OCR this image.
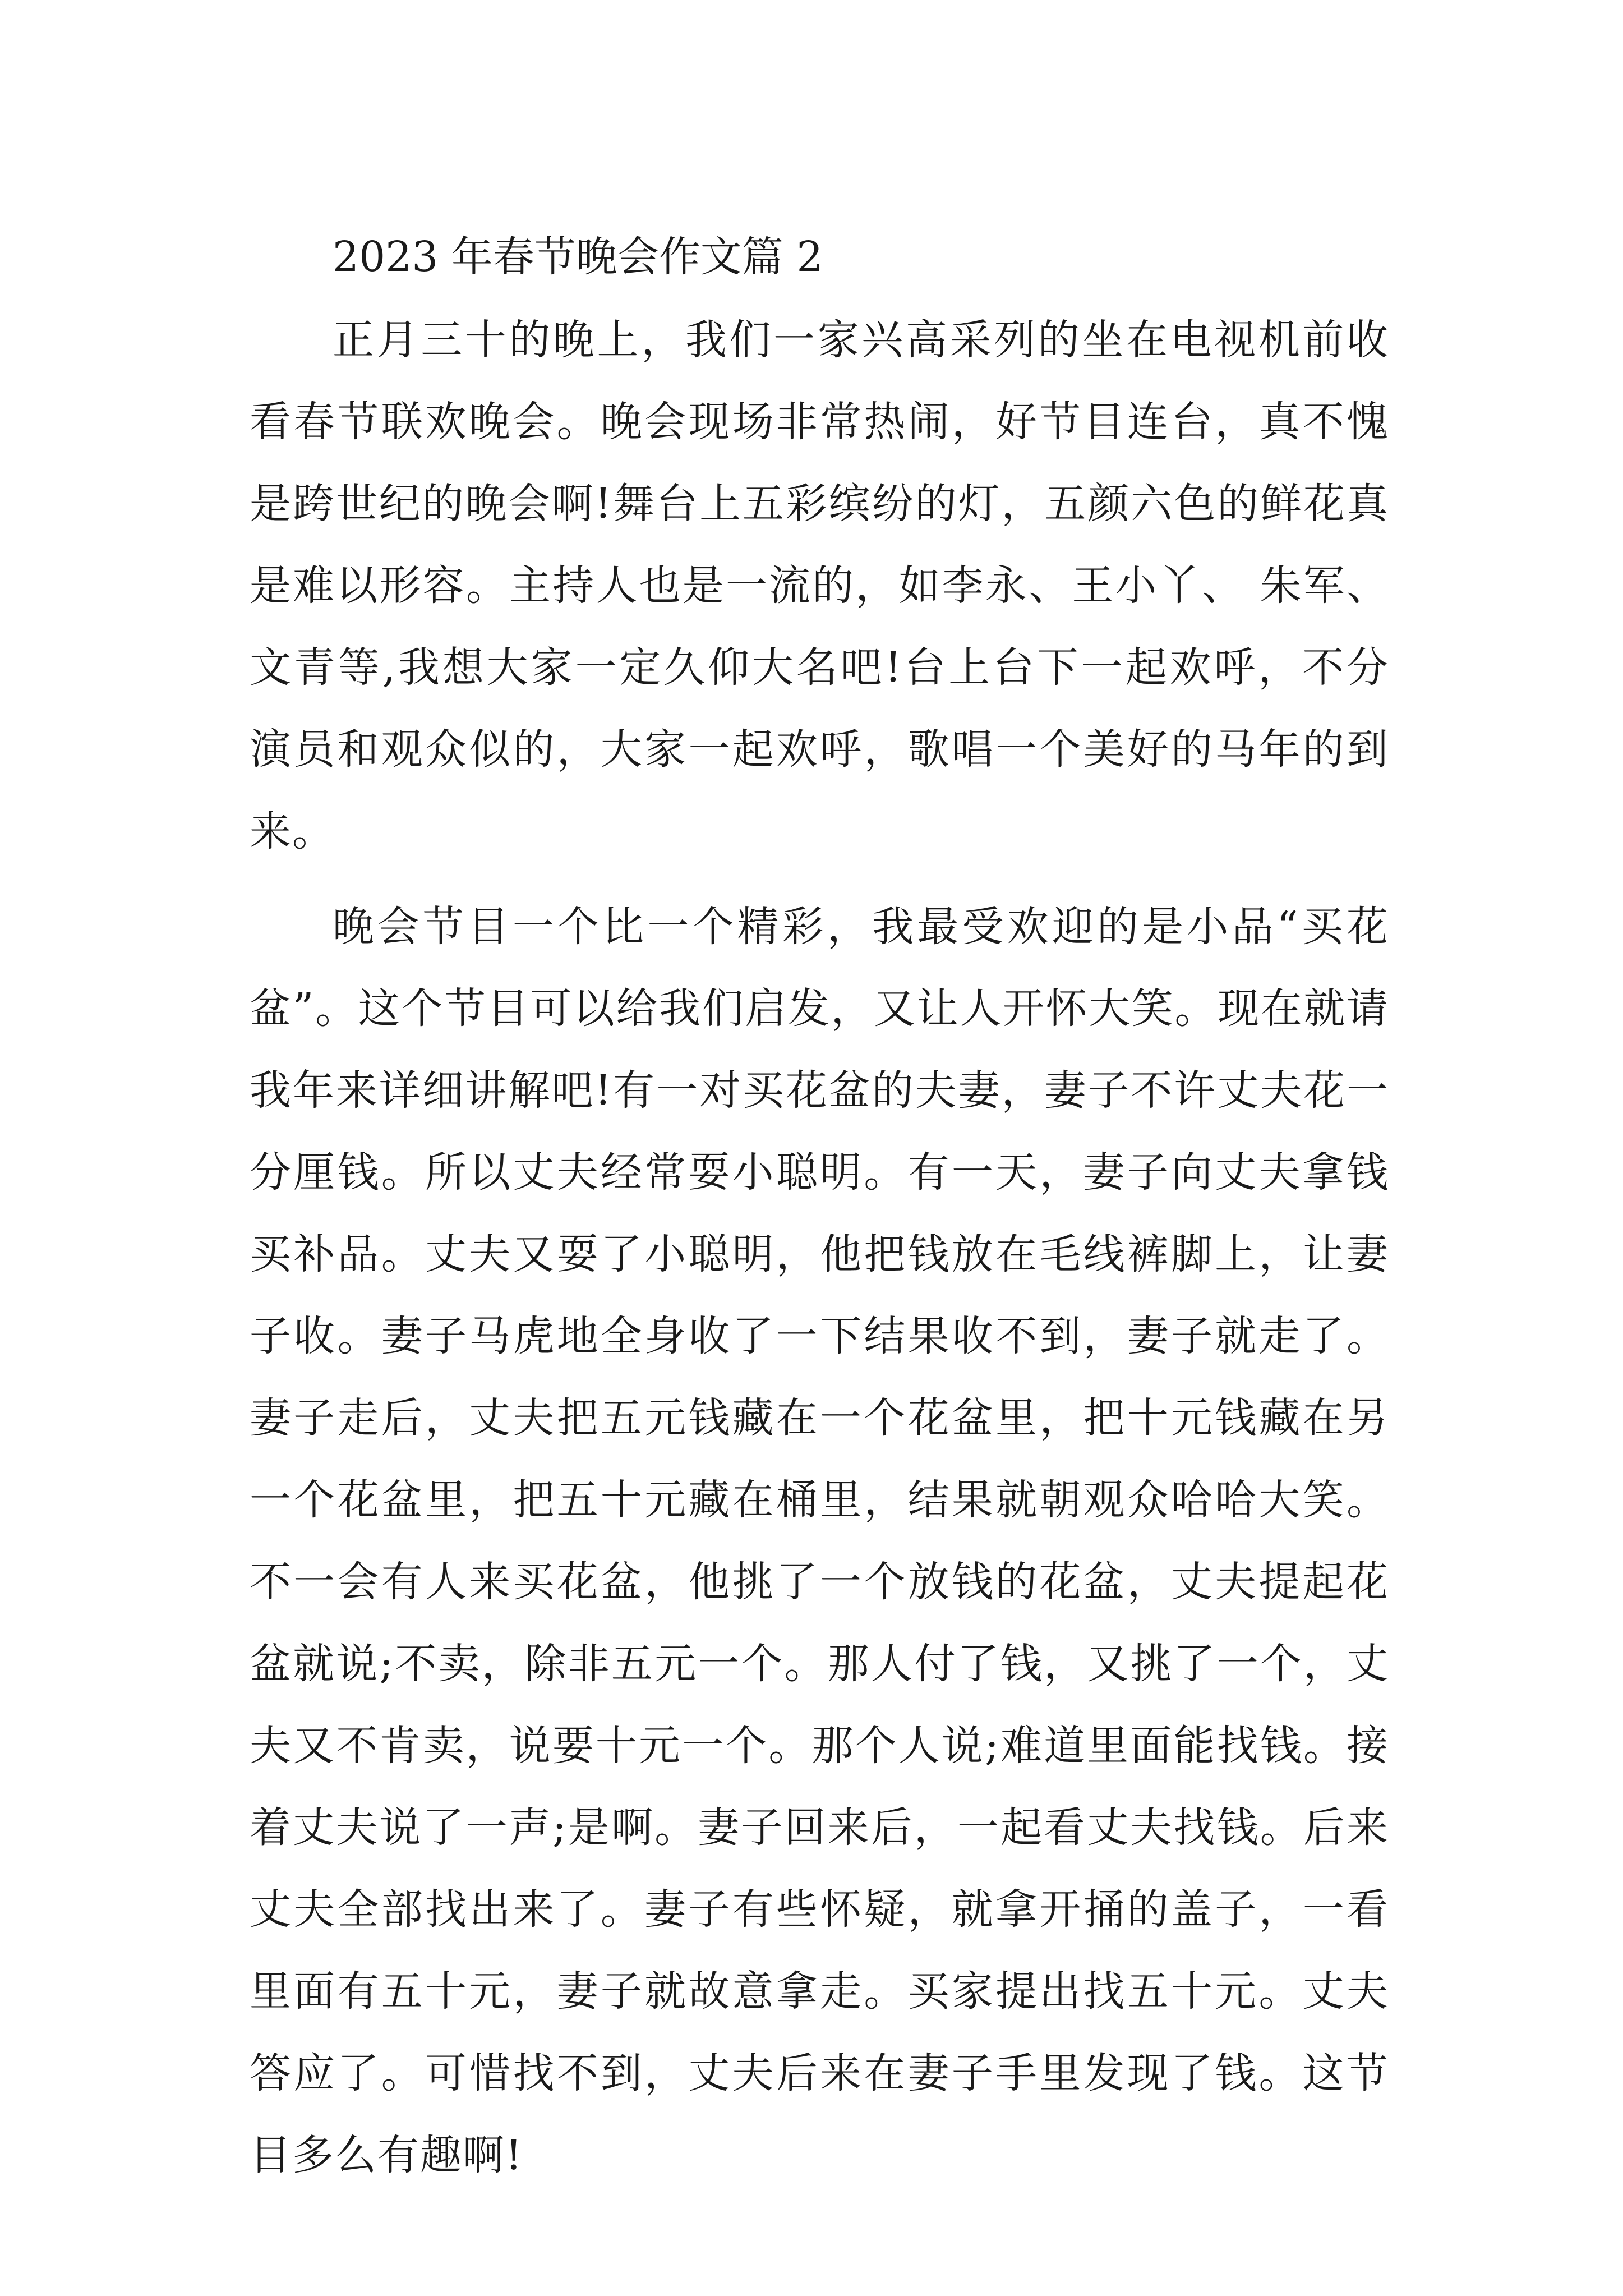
2023 年春节晚会作文篇 2

正月三十的晚上，我们一家兴高采列的坐在电视机前收看春节联欢晚会。晚会现场非常热闹，好节目连台，真不愧是跨世纪的晚会啊!舞台上五彩缤纷的灯，五颜六色的鲜花真是难以形容。主持人也是一流的，如李永、王小丫、 朱军、 文青等,我想大家一定久仰大名吧!台上台下一起欢呼，不分演员和观众似的，大家一起欢呼，歌唱一个美好的马年的到来。

晚会节目一个比一个精彩，我最受欢迎的是小品“买花盆”。这个节目可以给我们启发，又让人开怀大笑。现在就请我年来详细讲解吧!有一对买花盆的夫妻，妻子不许丈夫花一分厘钱。所以丈夫经常耍小聪明。有一天，妻子向丈夫拿钱买补品。丈夫又耍了小聪明，他把钱放在毛线裤脚上，让妻子收。妻子马虎地全身收了一下结果收不到，妻子就走了。妻子走后，丈夫把五元钱藏在一个花盆里，把十元钱藏在另一个花盆里，把五十元藏在桶里，结果就朝观众哈哈大笑。不一会有人来买花盆，他挑了一个放钱的花盆，丈夫提起花盆就说;不卖，除非五元一个。那人付了钱，又挑了一个，丈夫又不肯卖，说要十元一个。那个人说;难道里面能找钱。接着丈夫说了一声;是啊。妻子回来后，一起看丈夫找钱。后来丈夫全部找出来了。妻子有些怀疑，就拿开捅的盖子，一看里面有五十元，妻子就故意拿走。买家提出找五十元。丈夫答应了。可惜找不到，丈夫后来在妻子手里发现了钱。这节目多么有趣啊!
